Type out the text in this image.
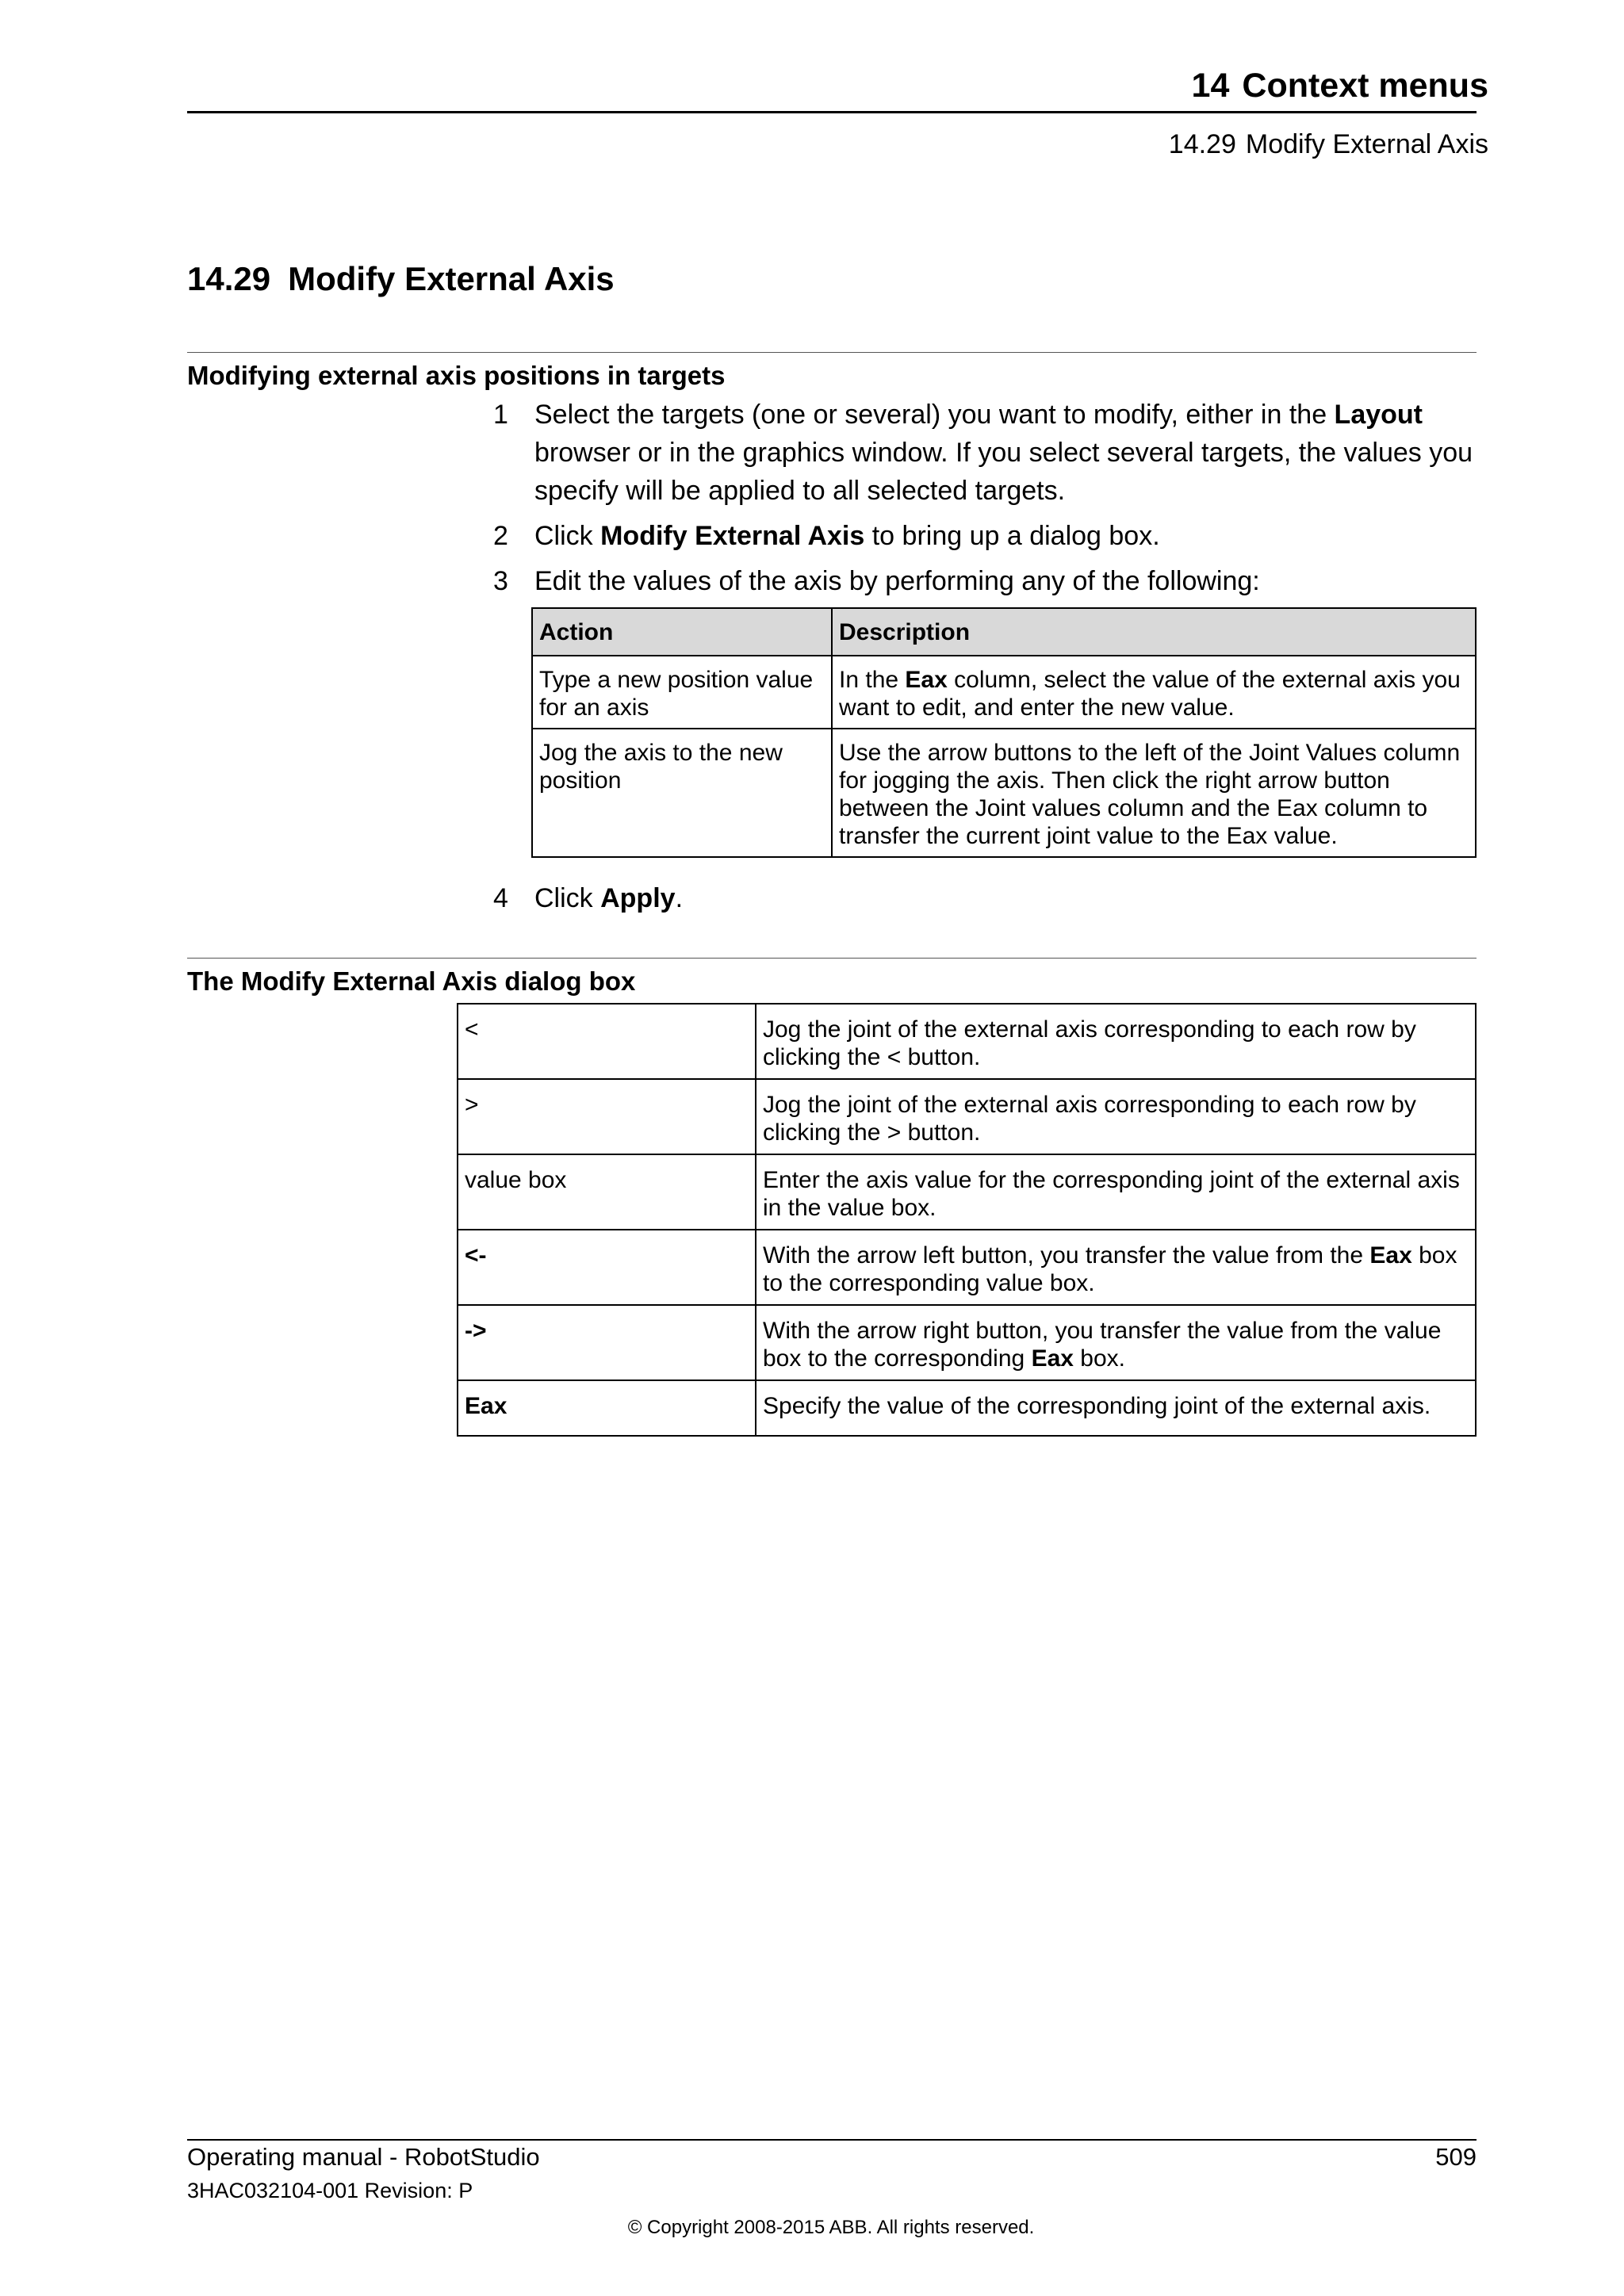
14 Context menus
14.29 Modify External Axis
14.29 Modify External Axis
Modifying external axis positions in targets
1 Select the targets (one or several) you want to modify, either in the Layout browser or in the graphics window. If you select several targets, the values you specify will be applied to all selected targets.
2 Click Modify External Axis to bring up a dialog box.
3 Edit the values of the axis by performing any of the following:
Action	Description
Type a new position value for an axis	In the Eax column, select the value of the external axis you want to edit, and enter the new value.
Jog the axis to the new position	Use the arrow buttons to the left of the Joint Values column for jogging the axis. Then click the right arrow button between the Joint values column and the Eax column to transfer the current joint value to the Eax value.
4 Click Apply.
The Modify External Axis dialog box
<	Jog the joint of the external axis corresponding to each row by clicking the < button.
>	Jog the joint of the external axis corresponding to each row by clicking the > button.
value box	Enter the axis value for the corresponding joint of the external axis in the value box.
<-	With the arrow left button, you transfer the value from the Eax box to the corresponding value box.
->	With the arrow right button, you transfer the value from the value box to the corresponding Eax box.
Eax	Specify the value of the corresponding joint of the external axis.
Operating manual - RobotStudio	509
3HAC032104-001 Revision: P
© Copyright 2008-2015 ABB. All rights reserved.
